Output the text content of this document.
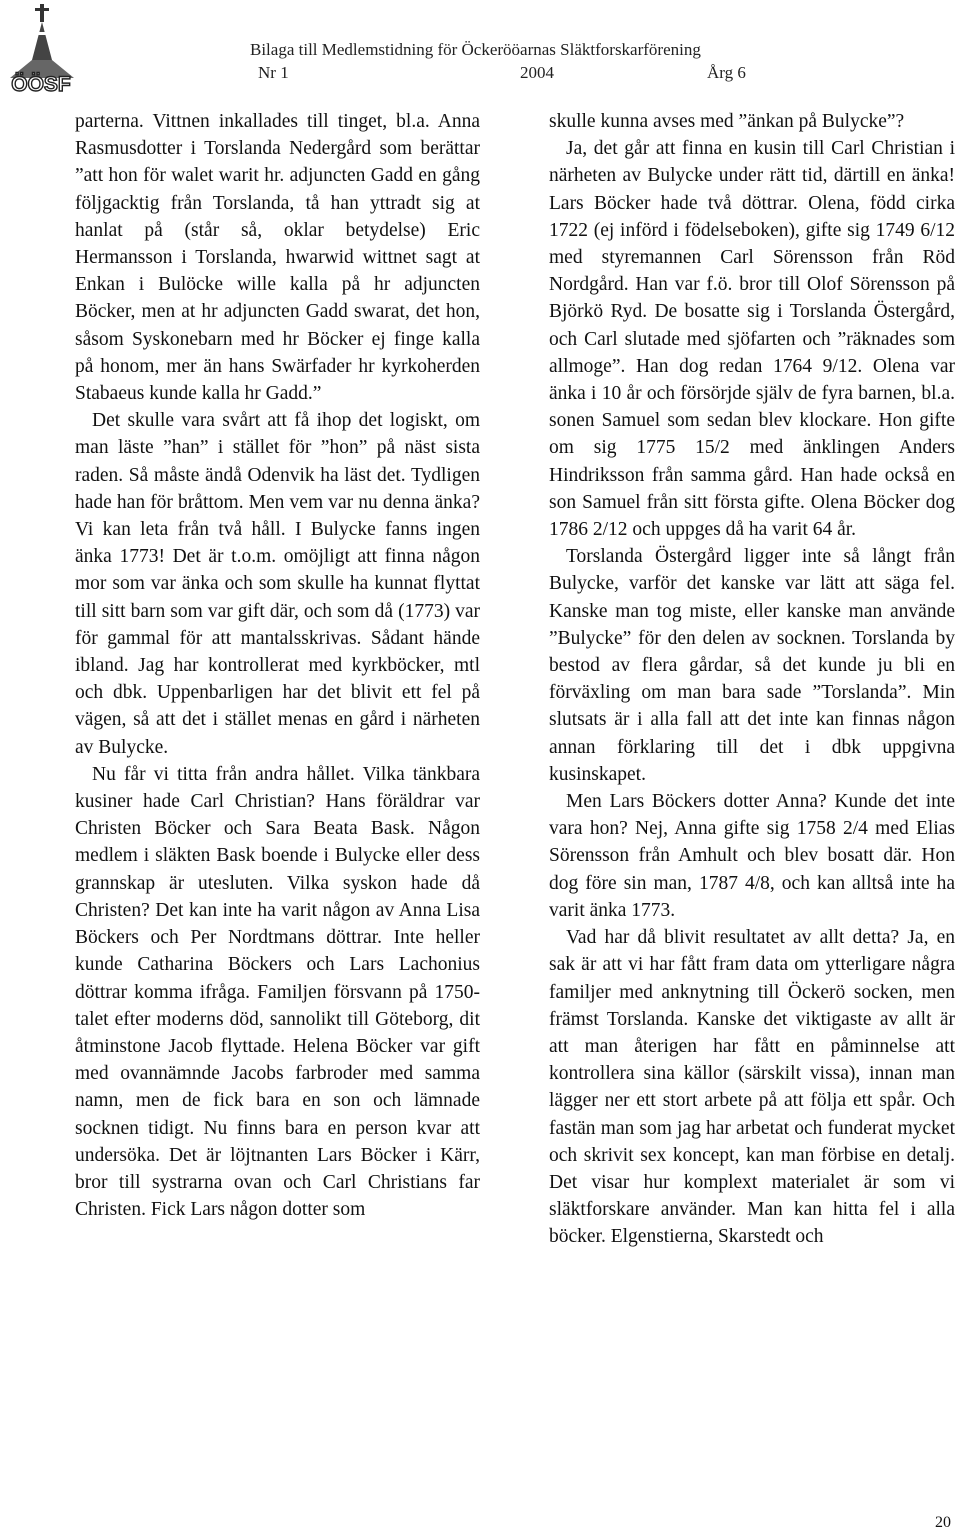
ÖÖSF
Bilaga till Medlemstidning för Öckerööarnas Släktforskarförening
Nr 1	2004	Årg 6

parterna. Vittnen inkallades till tinget, bl.a. Anna Rasmusdotter i Torslanda Nedergård som berättar ”att hon för walet warit hr. adjuncten Gadd en gång följgacktig från Torslanda, tå han yttradt sig at hanlat på (står så, oklar betydelse) Eric Hermansson i Torslanda, hwarwid wittnet sagt at Enkan i Bulöcke wille kalla på hr adjuncten Böcker, men at hr adjuncten Gadd swarat, det hon, såsom Syskonebarn med hr Böcker ej finge kalla på honom, mer än hans Swärfader hr kyrkoherden Stabaeus kunde kalla hr Gadd.”

Det skulle vara svårt att få ihop det logiskt, om man läste ”han” i stället för ”hon” på näst sista raden. Så måste ändå Odenvik ha läst det. Tydligen hade han för bråttom. Men vem var nu denna änka? Vi kan leta från två håll. I Bulycke fanns ingen änka 1773! Det är t.o.m. omöjligt att finna någon mor som var änka och som skulle ha kunnat flyttat till sitt barn som var gift där, och som då (1773) var för gammal för att mantalsskrivas. Sådant hände ibland. Jag har kontrollerat med kyrkböcker, mtl och dbk. Uppenbarligen har det blivit ett fel på vägen, så att det i stället menas en gård i närheten av Bulycke.

Nu får vi titta från andra hållet. Vilka tänkbara kusiner hade Carl Christian? Hans föräldrar var Christen Böcker och Sara Beata Bask. Någon medlem i släkten Bask boende i Bulycke eller dess grannskap är utesluten. Vilka syskon hade då Christen? Det kan inte ha varit någon av Anna Lisa Böckers och Per Nordtmans döttrar. Inte heller kunde Catharina Böckers och Lars Lachonius döttrar komma ifråga. Familjen försvann på 1750-talet efter moderns död, sannolikt till Göteborg, dit åtminstone Jacob flyttade. Helena Böcker var gift med ovannämnde Jacobs farbroder med samma namn, men de fick bara en son och lämnade socknen tidigt. Nu finns bara en person kvar att undersöka. Det är löjtnanten Lars Böcker i Kärr, bror till systrarna ovan och Carl Christians far Christen. Fick Lars någon dotter som

skulle kunna avses med ”änkan på Bulycke”?

Ja, det går att finna en kusin till Carl Christian i närheten av Bulycke under rätt tid, därtill en änka! Lars Böcker hade två döttrar. Olena, född cirka 1722 (ej införd i födelseboken), gifte sig 1749 6/12 med styremannen Carl Sörensson från Röd Nordgård. Han var f.ö. bror till Olof Sörensson på Björkö Ryd. De bosatte sig i Torslanda Östergård, och Carl slutade med sjöfarten och ”räknades som allmoge”. Han dog redan 1764 9/12. Olena var änka i 10 år och försörjde själv de fyra barnen, bl.a. sonen Samuel som sedan blev klockare. Hon gifte om sig 1775 15/2 med änklingen Anders Hindriksson från samma gård. Han hade också en son Samuel från sitt första gifte. Olena Böcker dog 1786 2/12 och uppges då ha varit 64 år.

Torslanda Östergård ligger inte så långt från Bulycke, varför det kanske var lätt att säga fel. Kanske man tog miste, eller kanske man använde ”Bulycke” för den delen av socknen. Torslanda by bestod av flera gårdar, så det kunde ju bli en förväxling om man bara sade ”Torslanda”. Min slutsats är i alla fall att det inte kan finnas någon annan förklaring till det i dbk uppgivna kusinskapet.

Men Lars Böckers dotter Anna? Kunde det inte vara hon? Nej, Anna gifte sig 1758 2/4 med Elias Sörensson från Amhult och blev bosatt där. Hon dog före sin man, 1787 4/8, och kan alltså inte ha varit änka 1773.

Vad har då blivit resultatet av allt detta? Ja, en sak är att vi har fått fram data om ytterligare några familjer med anknytning till Öckerö socken, men främst Torslanda. Kanske det viktigaste av allt är att man återigen har fått en påminnelse att kontrollera sina källor (särskilt vissa), innan man lägger ner ett stort arbete på att följa ett spår. Och fastän man som jag har arbetat och funderat mycket och skrivit sex koncept, kan man förbise en detalj. Det visar hur komplext materialet är som vi släktforskare använder. Man kan hitta fel i alla böcker. Elgenstierna, Skarstedt och

20
